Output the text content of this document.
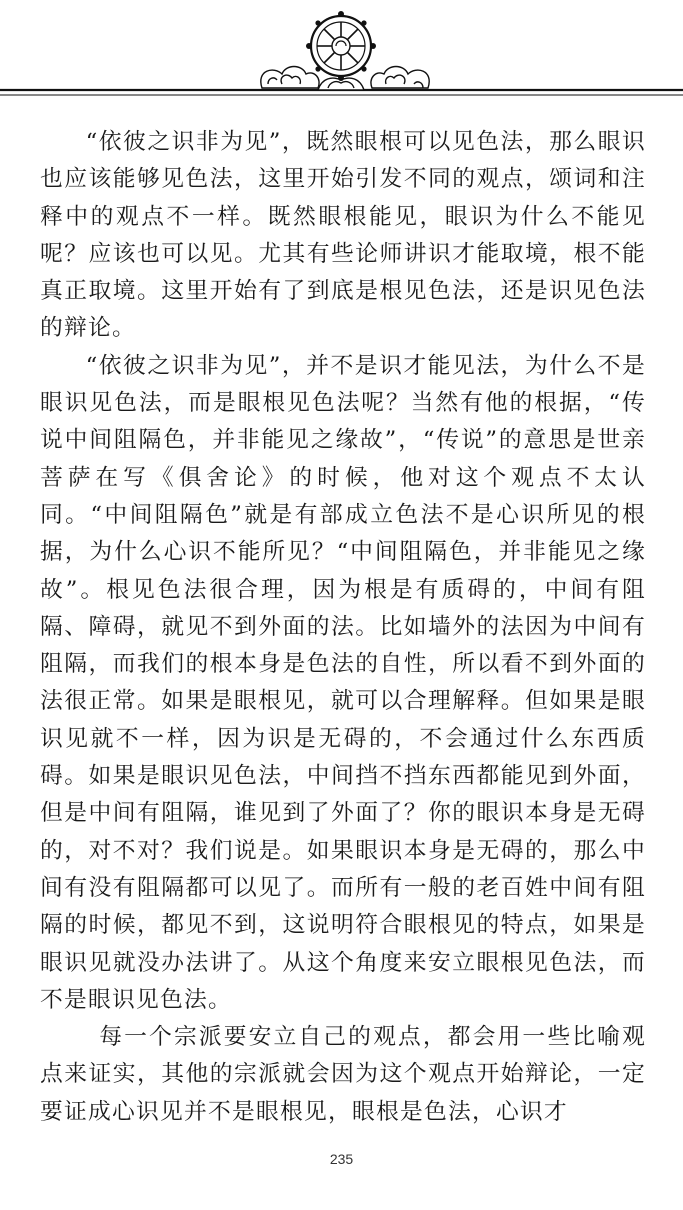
“依彼之识非为见”，既然眼根可以见色法，那么眼识也应该能够见色法，这里开始引发不同的观点，颂词和注释中的观点不一样。既然眼根能见，眼识为什么不能见呢？应该也可以见。尤其有些论师讲识才能取境，根不能真正取境。这里开始有了到底是根见色法，还是识见色法的辩论。

“依彼之识非为见”，并不是识才能见法，为什么不是眼识见色法，而是眼根见色法呢？当然有他的根据，“传说中间阻隔色，并非能见之缘故”，“传说”的意思是世亲菩萨在写《俱舍论》的时候，他对这个观点不太认同。“中间阻隔色”就是有部成立色法不是心识所见的根据，为什么心识不能所见？“中间阻隔色，并非能见之缘故”。根见色法很合理，因为根是有质碍的，中间有阻隔、障碍，就见不到外面的法。比如墙外的法因为中间有阻隔，而我们的根本身是色法的自性，所以看不到外面的法很正常。如果是眼根见，就可以合理解释。但如果是眼识见就不一样，因为识是无碍的，不会通过什么东西质碍。如果是眼识见色法，中间挡不挡东西都能见到外面，但是中间有阻隔，谁见到了外面了？你的眼识本身是无碍的，对不对？我们说是。如果眼识本身是无碍的，那么中间有没有阻隔都可以见了。而所有一般的老百姓中间有阻隔的时候，都见不到，这说明符合眼根见的特点，如果是眼识见就没办法讲了。从这个角度来安立眼根见色法，而不是眼识见色法。

每一个宗派要安立自己的观点，都会用一些比喻观点来证实，其他的宗派就会因为这个观点开始辩论，一定要证成心识见并不是眼根见，眼根是色法，心识才

235
